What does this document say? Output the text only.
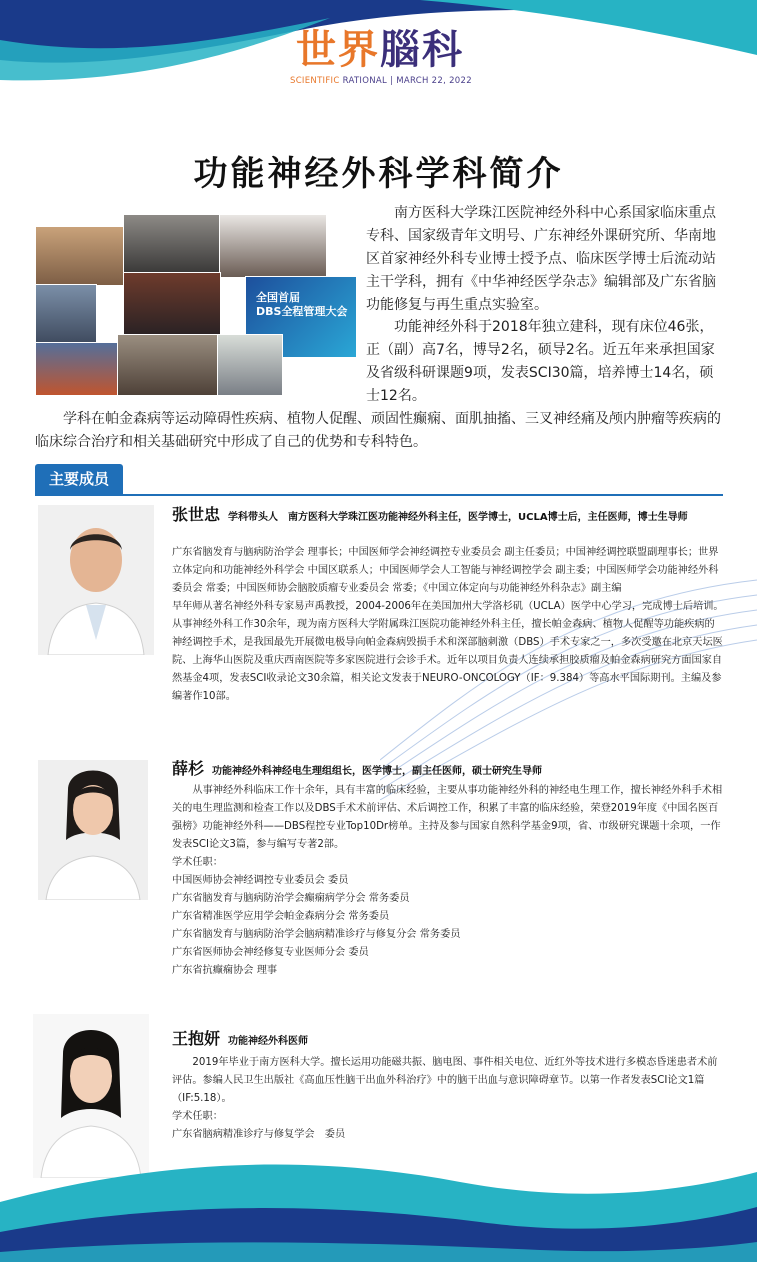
世界腦科
SCIENTIFIC RATIONAL | MARCH 22, 2022
功能神经外科学科简介
全国首届
DBS全程管理大会

南方医科大学珠江医院神经外科中心系国家临床重点专科、国家级青年文明号、广东神经外课研究所、华南地区首家神经外科专业博士授予点、临床医学博士后流动站主干学科，拥有《中华神经医学杂志》编辑部及广东省脑功能修复与再生重点实验室。

功能神经外科于2018年独立建科，现有床位46张，正（副）高7名，博导2名，硕导2名。近五年来承担国家及省级科研课题9项，发表SCI30篇，培养博士14名，硕士12名。

学科在帕金森病等运动障碍性疾病、植物人促醒、顽固性癫痫、面肌抽搐、三叉神经痛及颅内肿瘤等疾病的临床综合治疗和相关基础研究中形成了自己的优势和专科特色。

主要成员
张世忠 学科带头人　南方医科大学珠江医功能神经外科主任，医学博士，UCLA博士后，主任医师，博士生导师

广东省脑发育与脑病防治学会 理事长；中国医师学会神经调控专业委员会 副主任委员；中国神经调控联盟副理事长；世界立体定向和功能神经外科学会 中国区联系人；中国医师学会人工智能与神经调控学会 副主委；中国医师学会功能神经外科委员会 常委；中国医师协会脑胶质瘤专业委员会 常委；《中国立体定向与功能神经外科杂志》副主编

早年师从著名神经外科专家易声禹教授，2004-2006年在美国加州大学洛杉矶（UCLA）医学中心学习，完成博士后培训。从事神经外科工作30余年，现为南方医科大学附属珠江医院功能神经外科主任，擅长帕金森病、植物人促醒等功能疾病的神经调控手术，是我国最先开展微电极导向帕金森病毁损手术和深部脑刺激（DBS）手术专家之一，多次受邀在北京天坛医院、上海华山医院及重庆西南医院等多家医院进行会诊手术。近年以项目负责人连续承担胶质瘤及帕金森病研究方面国家自然基金4项，发表SCI收录论文30余篇，相关论文发表于NEURO-ONCOLOGY（IF：9.384）等高水平国际期刊。主编及参编著作10部。

薛杉 功能神经外科神经电生理组组长，医学博士，副主任医师，硕士研究生导师

从事神经外科临床工作十余年，具有丰富的临床经验，主要从事功能神经外科的神经电生理工作，擅长神经外科手术相关的电生理监测和检查工作以及DBS手术术前评估、术后调控工作，积累了丰富的临床经验，荣登2019年度《中国名医百强榜》功能神经外科——DBS程控专业Top10Dr榜单。主持及参与国家自然科学基金9项，省、市级研究课题十余项，一作发表SCI论文3篇，参与编写专著2部。

学术任职：

中国医师协会神经调控专业委员会 委员

广东省脑发育与脑病防治学会癫痫病学分会 常务委员

广东省精准医学应用学会帕金森病分会 常务委员

广东省脑发育与脑病防治学会脑病精准诊疗与修复分会 常务委员

广东省医师协会神经修复专业医师分会 委员

广东省抗癫痫协会 理事

王抱妍 功能神经外科医师

2019年毕业于南方医科大学。擅长运用功能磁共振、脑电图、事件相关电位、近红外等技术进行多模态昏迷患者术前评估。参编人民卫生出版社《高血压性脑干出血外科治疗》中的脑干出血与意识障碍章节。以第一作者发表SCI论文1篇（IF:5.18）。

学术任职：

广东省脑病精准诊疗与修复学会　委员
